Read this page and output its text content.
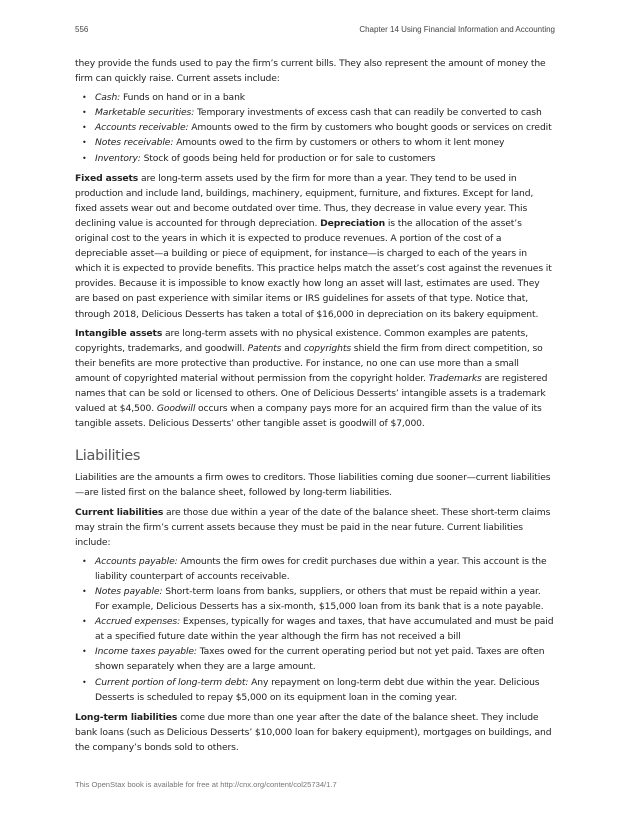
556	Chapter 14 Using Financial Information and Accounting

they provide the funds used to pay the firm’s current bills. They also represent the amount of money the firm can quickly raise. Current assets include:

• Cash: Funds on hand or in a bank
• Marketable securities: Temporary investments of excess cash that can readily be converted to cash
• Accounts receivable: Amounts owed to the firm by customers who bought goods or services on credit
• Notes receivable: Amounts owed to the firm by customers or others to whom it lent money
• Inventory: Stock of goods being held for production or for sale to customers

Fixed assets are long-term assets used by the firm for more than a year. They tend to be used in production and include land, buildings, machinery, equipment, furniture, and fixtures. Except for land, fixed assets wear out and become outdated over time. Thus, they decrease in value every year. This declining value is accounted for through depreciation. Depreciation is the allocation of the asset’s original cost to the years in which it is expected to produce revenues. A portion of the cost of a depreciable asset—a building or piece of equipment, for instance—is charged to each of the years in which it is expected to provide benefits. This practice helps match the asset’s cost against the revenues it provides. Because it is impossible to know exactly how long an asset will last, estimates are used. They are based on past experience with similar items or IRS guidelines for assets of that type. Notice that, through 2018, Delicious Desserts has taken a total of $16,000 in depreciation on its bakery equipment.

Intangible assets are long-term assets with no physical existence. Common examples are patents, copyrights, trademarks, and goodwill. Patents and copyrights shield the firm from direct competition, so their benefits are more protective than productive. For instance, no one can use more than a small amount of copyrighted material without permission from the copyright holder. Trademarks are registered names that can be sold or licensed to others. One of Delicious Desserts’ intangible assets is a trademark valued at $4,500. Goodwill occurs when a company pays more for an acquired firm than the value of its tangible assets. Delicious Desserts’ other tangible asset is goodwill of $7,000.

Liabilities

Liabilities are the amounts a firm owes to creditors. Those liabilities coming due sooner—current liabilities—are listed first on the balance sheet, followed by long-term liabilities.

Current liabilities are those due within a year of the date of the balance sheet. These short-term claims may strain the firm’s current assets because they must be paid in the near future. Current liabilities include:

• Accounts payable: Amounts the firm owes for credit purchases due within a year. This account is the liability counterpart of accounts receivable.
• Notes payable: Short-term loans from banks, suppliers, or others that must be repaid within a year. For example, Delicious Desserts has a six-month, $15,000 loan from its bank that is a note payable.
• Accrued expenses: Expenses, typically for wages and taxes, that have accumulated and must be paid at a specified future date within the year although the firm has not received a bill
• Income taxes payable: Taxes owed for the current operating period but not yet paid. Taxes are often shown separately when they are a large amount.
• Current portion of long-term debt: Any repayment on long-term debt due within the year. Delicious Desserts is scheduled to repay $5,000 on its equipment loan in the coming year.

Long-term liabilities come due more than one year after the date of the balance sheet. They include bank loans (such as Delicious Desserts’ $10,000 loan for bakery equipment), mortgages on buildings, and the company’s bonds sold to others.

This OpenStax book is available for free at http://cnx.org/content/col25734/1.7
